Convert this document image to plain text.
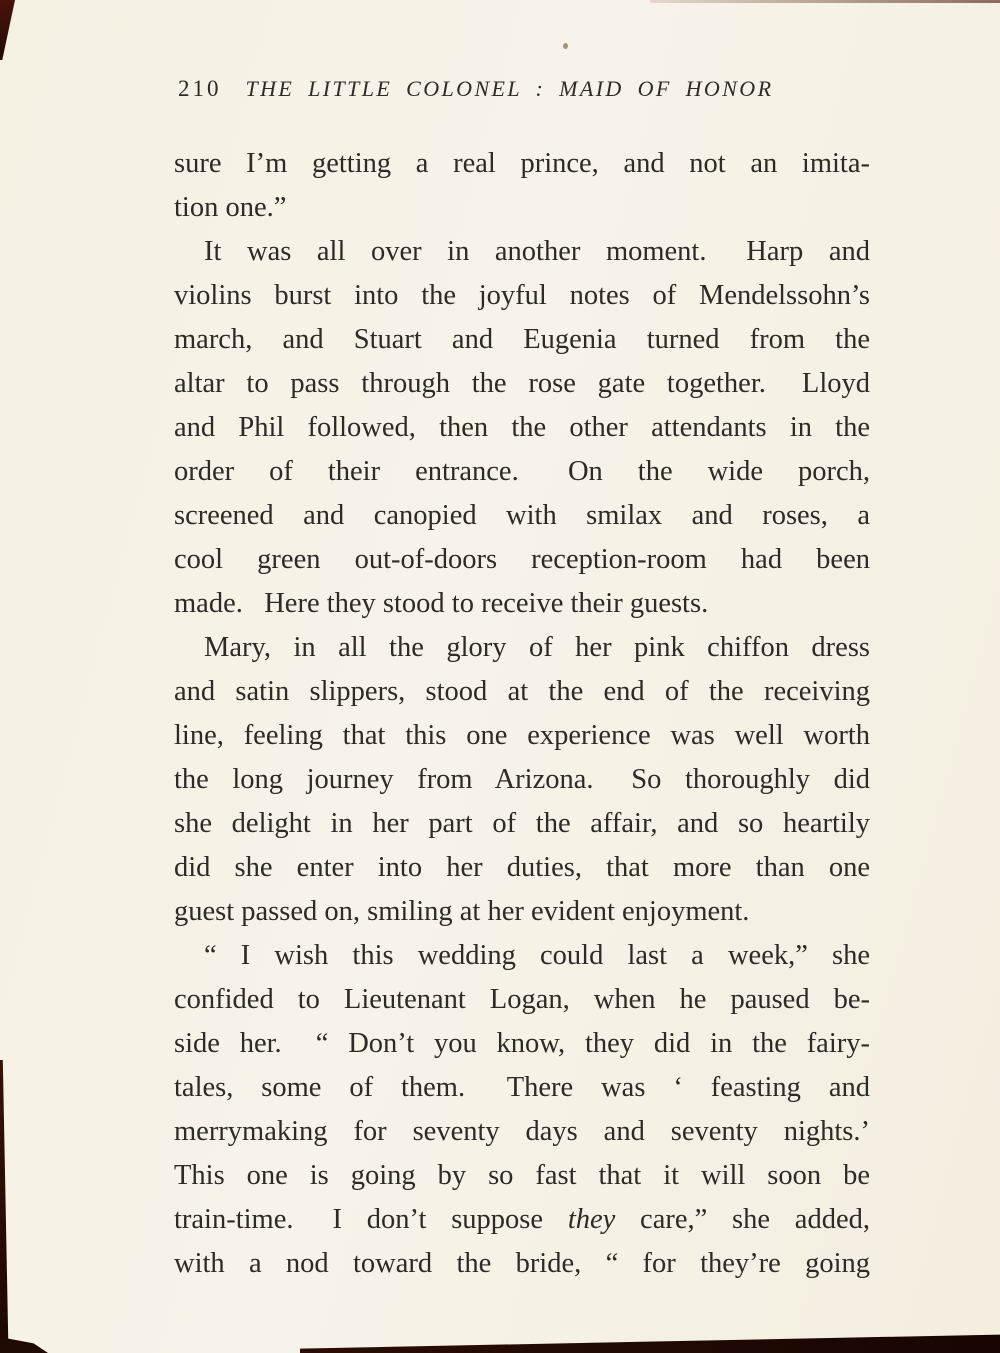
210 THE LITTLE COLONEL : MAID OF HONOR
sure I’m getting a real prince, and not an imita-
tion one.”
It was all over in another moment.  Harp and
violins burst into the joyful notes of Mendelssohn’s
march, and Stuart and Eugenia turned from the
altar to pass through the rose gate together.  Lloyd
and Phil followed, then the other attendants in the
order of their entrance.  On the wide porch,
screened and canopied with smilax and roses, a
cool green out-of-doors reception-room had been
made.  Here they stood to receive their guests.
Mary, in all the glory of her pink chiffon dress
and satin slippers, stood at the end of the receiving
line, feeling that this one experience was well worth
the long journey from Arizona.  So thoroughly did
she delight in her part of the affair, and so heartily
did she enter into her duties, that more than one
guest passed on, smiling at her evident enjoyment.
“ I wish this wedding could last a week,” she
confided to Lieutenant Logan, when he paused be-
side her.  “ Don’t you know, they did in the fairy-
tales, some of them.  There was ‘ feasting and
merrymaking for seventy days and seventy nights.’
This one is going by so fast that it will soon be
train-time.  I don’t suppose they care,” she added,
with a nod toward the bride, “ for they’re going
